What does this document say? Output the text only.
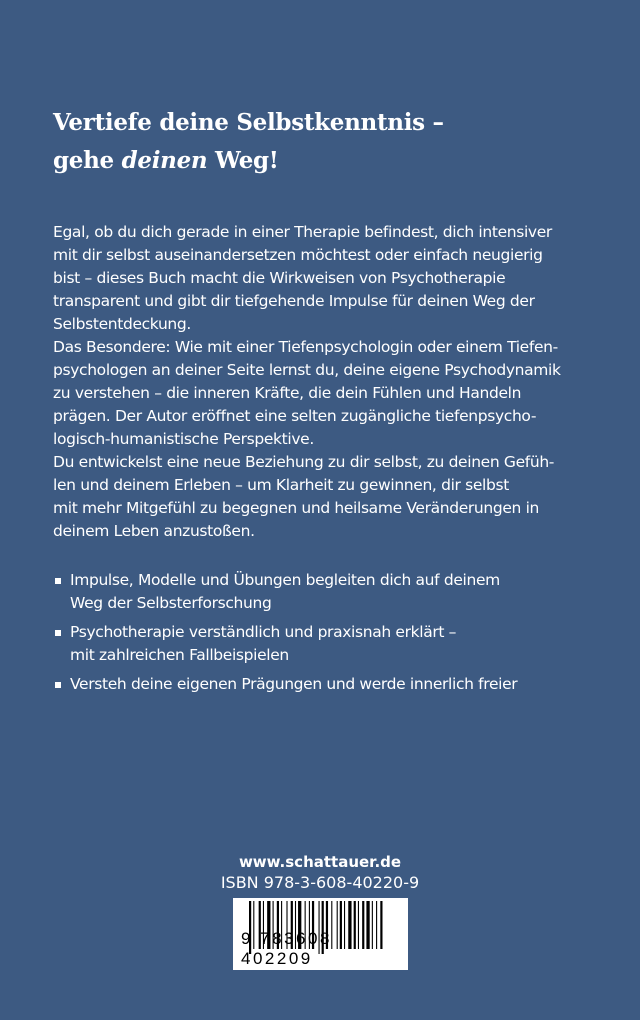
Vertiefe deine Selbstkenntnis –
gehe deinen Weg!
Egal, ob du dich gerade in einer Therapie befindest, dich intensiver
mit dir selbst auseinandersetzen möchtest oder einfach neugierig
bist – dieses Buch macht die Wirkweisen von Psychotherapie
transparent und gibt dir tiefgehende Impulse für deinen Weg der
Selbstentdeckung.
Das Besondere: Wie mit einer Tiefenpsychologin oder einem Tiefen-
psychologen an deiner Seite lernst du, deine eigene Psychodynamik
zu verstehen – die inneren Kräfte, die dein Fühlen und Handeln
prägen. Der Autor eröffnet eine selten zugängliche tiefenpsycho-
logisch-humanistische Perspektive.
Du entwickelst eine neue Beziehung zu dir selbst, zu deinen Gefüh-
len und deinem Erleben – um Klarheit zu gewinnen, dir selbst
mit mehr Mitgefühl zu begegnen und heilsame Veränderungen in
deinem Leben anzustoßen.
Impulse, Modelle und Übungen begleiten dich auf deinem
Weg der Selbsterforschung
Psychotherapie verständlich und praxisnah erklärt –
mit zahlreichen Fallbeispielen
Versteh deine eigenen Prägungen und werde innerlich freier
www.schattauer.de
ISBN 978-3-608-40220-9
9 783608 402209
